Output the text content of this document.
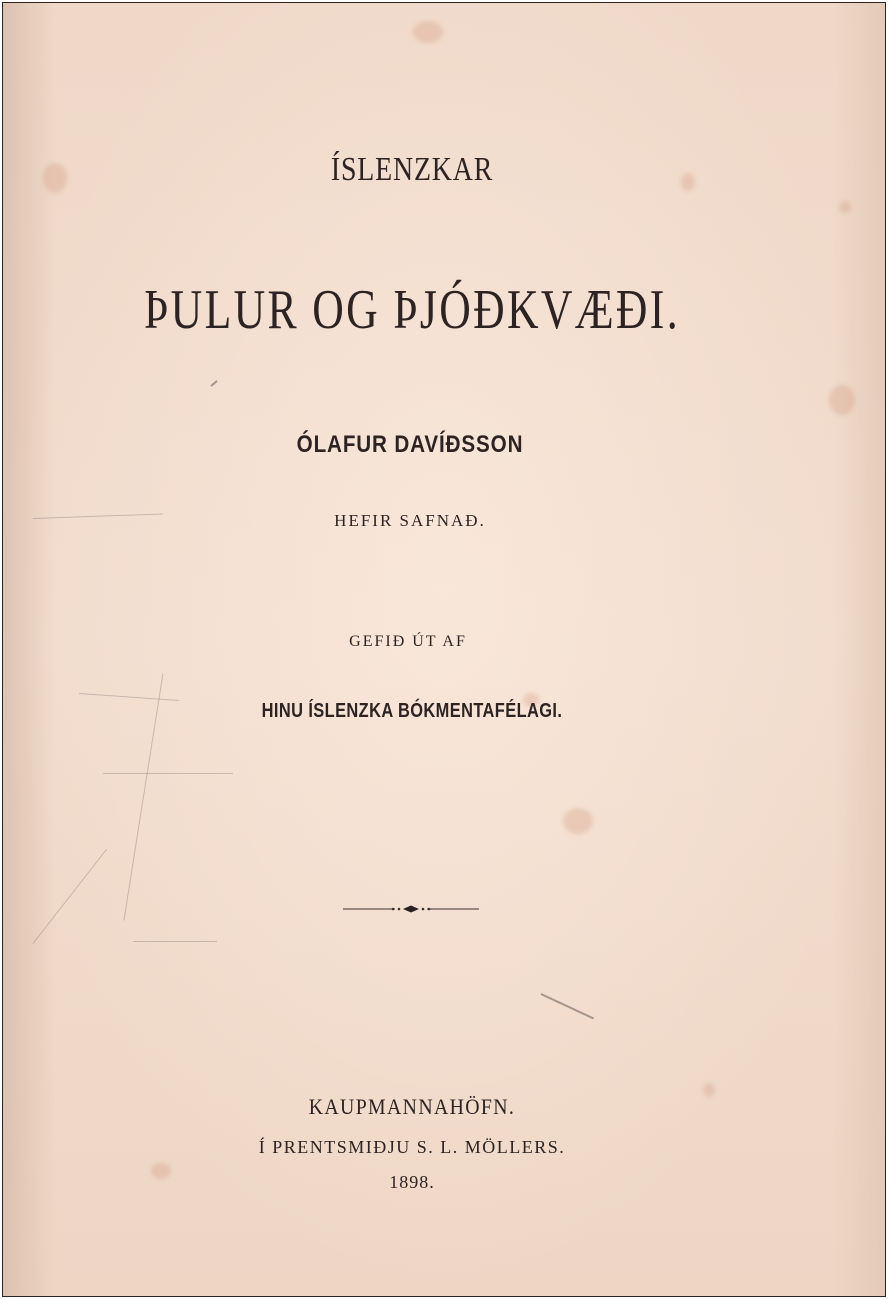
ÍSLENZKAR
ÞULUR OG ÞJÓÐKVÆÐI.
ÓLAFUR DAVÍÐSSON
HEFIR SAFNAÐ.
GEFIÐ ÚT AF
HINU ÍSLENZKA BÓKMENTAFÉLAGI.
KAUPMANNAHÖFN.
Í PRENTSMIÐJU S. L. MÖLLERS.
1898.
